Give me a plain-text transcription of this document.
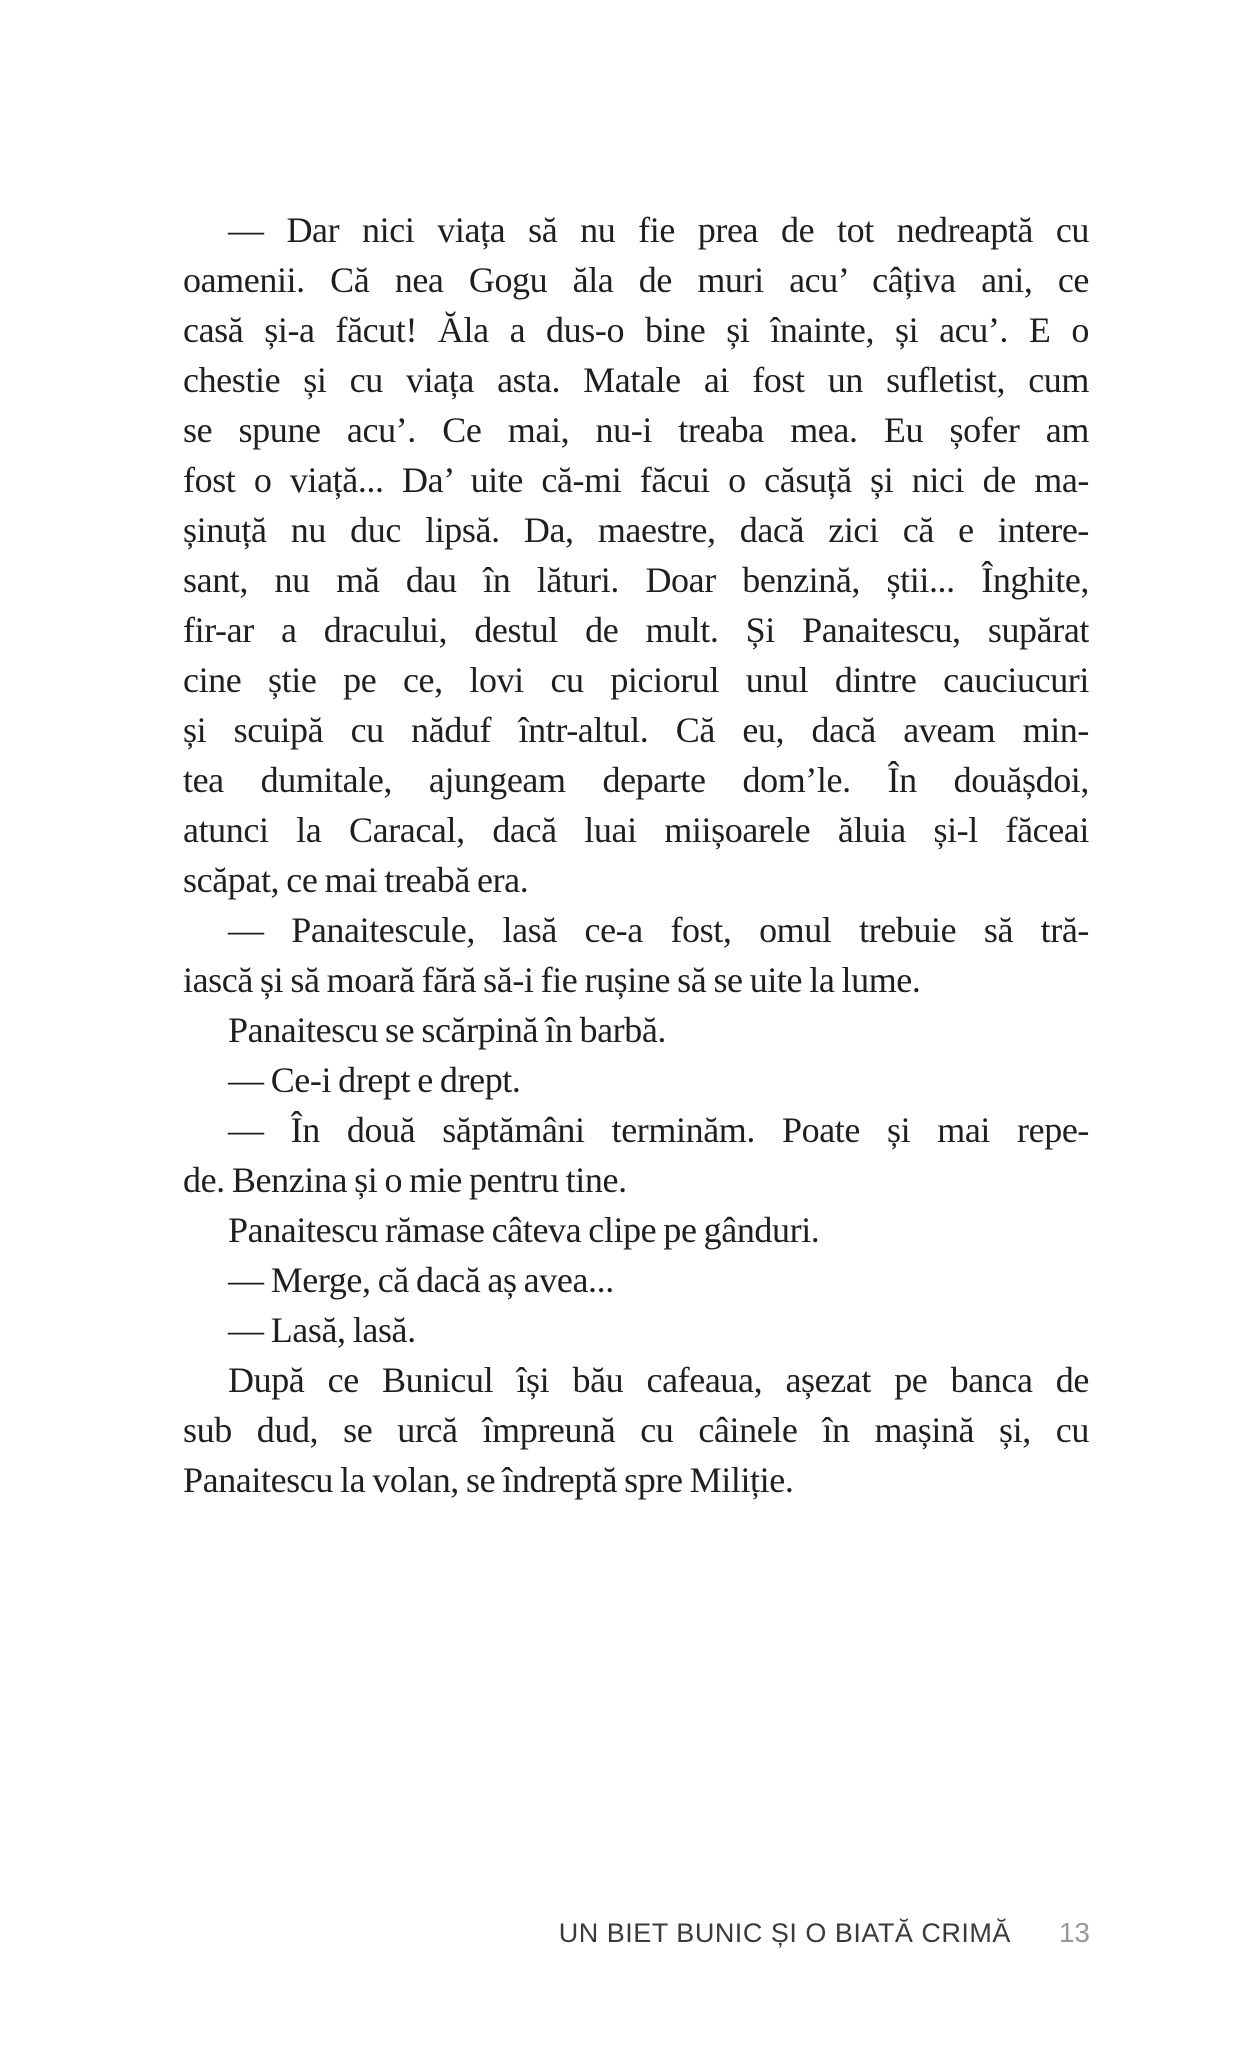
— Dar nici viața să nu fie prea de tot nedreaptă cu
oamenii. Că nea Gogu ăla de muri acu’ câțiva ani, ce
casă și-a făcut! Ăla a dus-o bine și înainte, și acu’. E o
chestie și cu viața asta. Matale ai fost un sufletist, cum
se spune acu’. Ce mai, nu-i treaba mea. Eu șofer am
fost o viață... Da’ uite că-mi făcui o căsuță și nici de ma-
șinuță nu duc lipsă. Da, maestre, dacă zici că e intere-
sant, nu mă dau în lături. Doar benzină, știi... Înghite,
fir-ar a dracului, destul de mult. Și Panaitescu, supărat
cine știe pe ce, lovi cu piciorul unul dintre cauciucuri
și scuipă cu năduf într-altul. Că eu, dacă aveam min-
tea dumitale, ajungeam departe dom’le. În douășdoi,
atunci la Caracal, dacă luai miișoarele ăluia și-l făceai
scăpat, ce mai treabă era.

— Panaitescule, lasă ce-a fost, omul trebuie să tră-
iască și să moară fără să-i fie rușine să se uite la lume.

Panaitescu se scărpină în barbă.

— Ce-i drept e drept.

— În două săptămâni terminăm. Poate și mai repe-
de. Benzina și o mie pentru tine.

Panaitescu rămase câteva clipe pe gânduri.

— Merge, că dacă aș avea...

— Lasă, lasă.

După ce Bunicul își bău cafeaua, așezat pe banca de
sub dud, se urcă împreună cu câinele în mașină și, cu
Panaitescu la volan, se îndreptă spre Miliție.

UN BIET BUNIC ȘI O BIATĂ CRIMĂ 13
